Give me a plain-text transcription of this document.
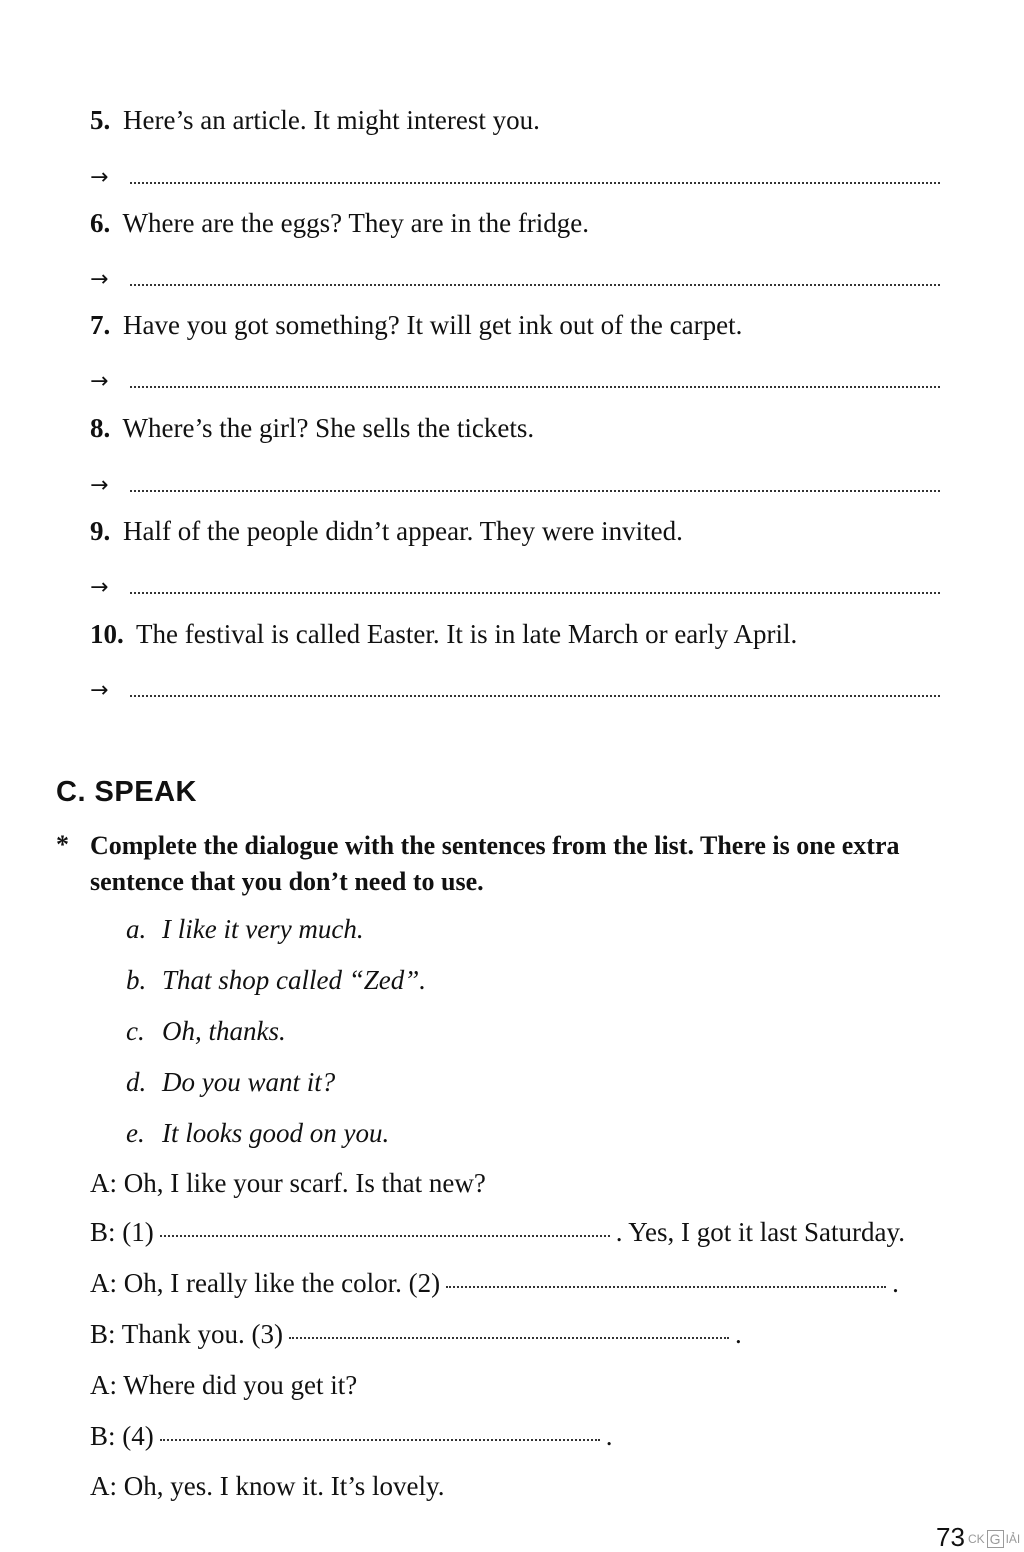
5. Here’s an article. It might interest you.
→
6. Where are the eggs? They are in the fridge.
→
7. Have you got something? It will get ink out of the carpet.
→
8. Where’s the girl? She sells the tickets.
→
9. Half of the people didn’t appear. They were invited.
→
10. The festival is called Easter. It is in late March or early April.
→
C. SPEAK
* Complete the dialogue with the sentences from the list. There is one extra sentence that you don’t need to use.
a. I like it very much.
b. That shop called “Zed”.
c. Oh, thanks.
d. Do you want it?
e. It looks good on you.
A: Oh, I like your scarf. Is that new?
B: (1)	. Yes, I got it last Saturday.
A: Oh, I really like the color. (2)	.
B: Thank you. (3)	.
A: Where did you get it?
B: (4)	.
A: Oh, yes. I know it. It’s lovely.
73 CK G IẢI
